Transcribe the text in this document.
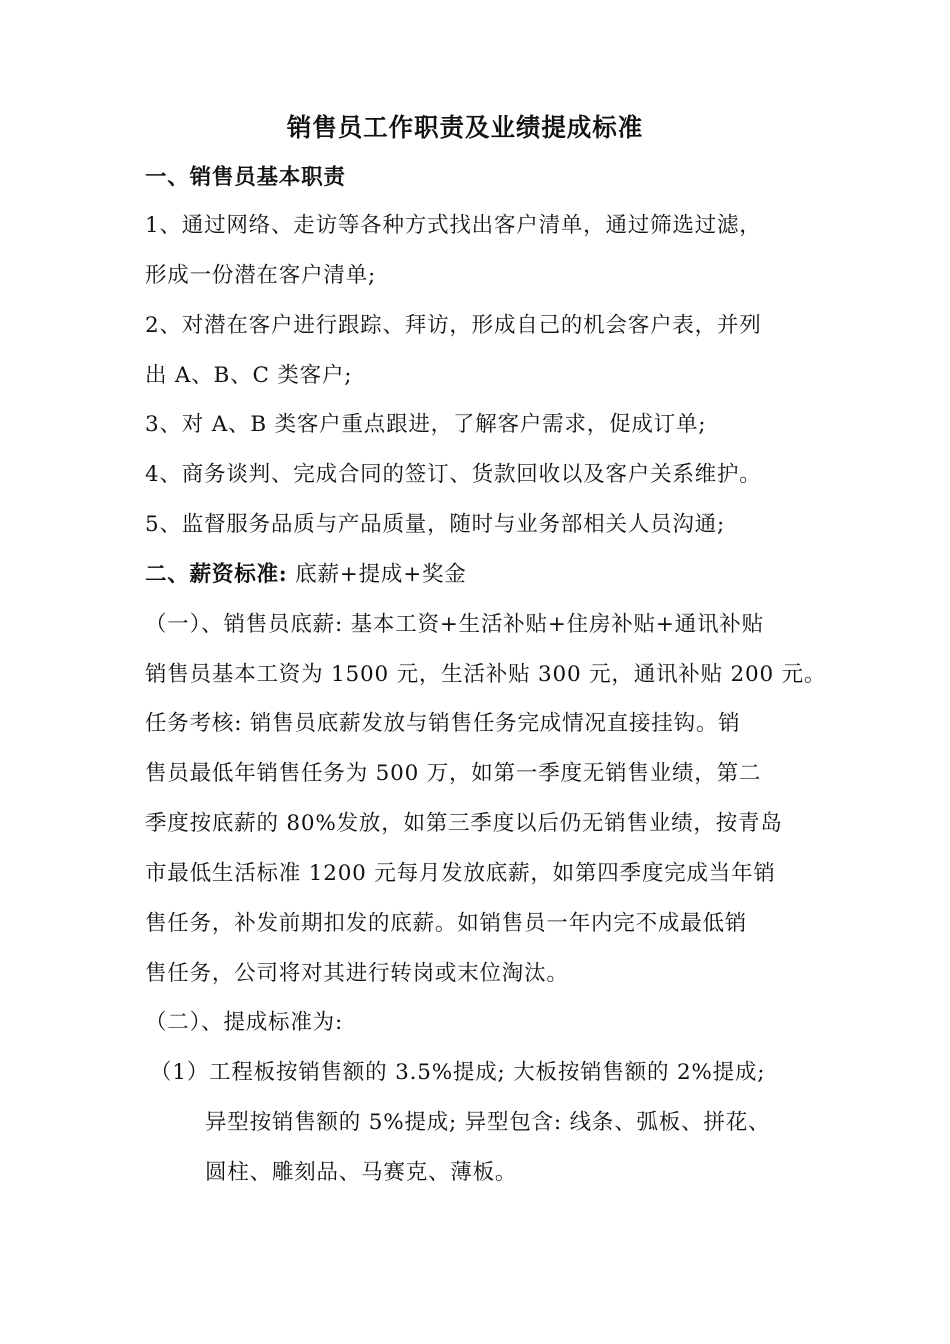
销售员工作职责及业绩提成标准
一、销售员基本职责
1、通过网络、走访等各种方式找出客户清单，通过筛选过滤，
形成一份潜在客户清单;
2、对潜在客户进行跟踪、拜访，形成自己的机会客户表，并列
出 A、B、C 类客户;
3、对 A、B 类客户重点跟进，了解客户需求，促成订单;
4、商务谈判、完成合同的签订、货款回收以及客户关系维护。
5、监督服务品质与产品质量，随时与业务部相关人员沟通;
二、薪资标准: 底薪+提成+奖金
（一）、销售员底薪: 基本工资+生活补贴+住房补贴+通讯补贴
销售员基本工资为 1500 元，生活补贴 300 元，通讯补贴 200 元。
任务考核: 销售员底薪发放与销售任务完成情况直接挂钩。销
售员最低年销售任务为 500 万，如第一季度无销售业绩，第二
季度按底薪的 80%发放，如第三季度以后仍无销售业绩，按青岛
市最低生活标准 1200 元每月发放底薪，如第四季度完成当年销
售任务，补发前期扣发的底薪。如销售员一年内完不成最低销
售任务，公司将对其进行转岗或末位淘汰。
（二）、提成标准为:
（1）工程板按销售额的 3.5%提成; 大板按销售额的 2%提成;
异型按销售额的 5%提成; 异型包含: 线条、弧板、拼花、
圆柱、雕刻品、马赛克、薄板。
